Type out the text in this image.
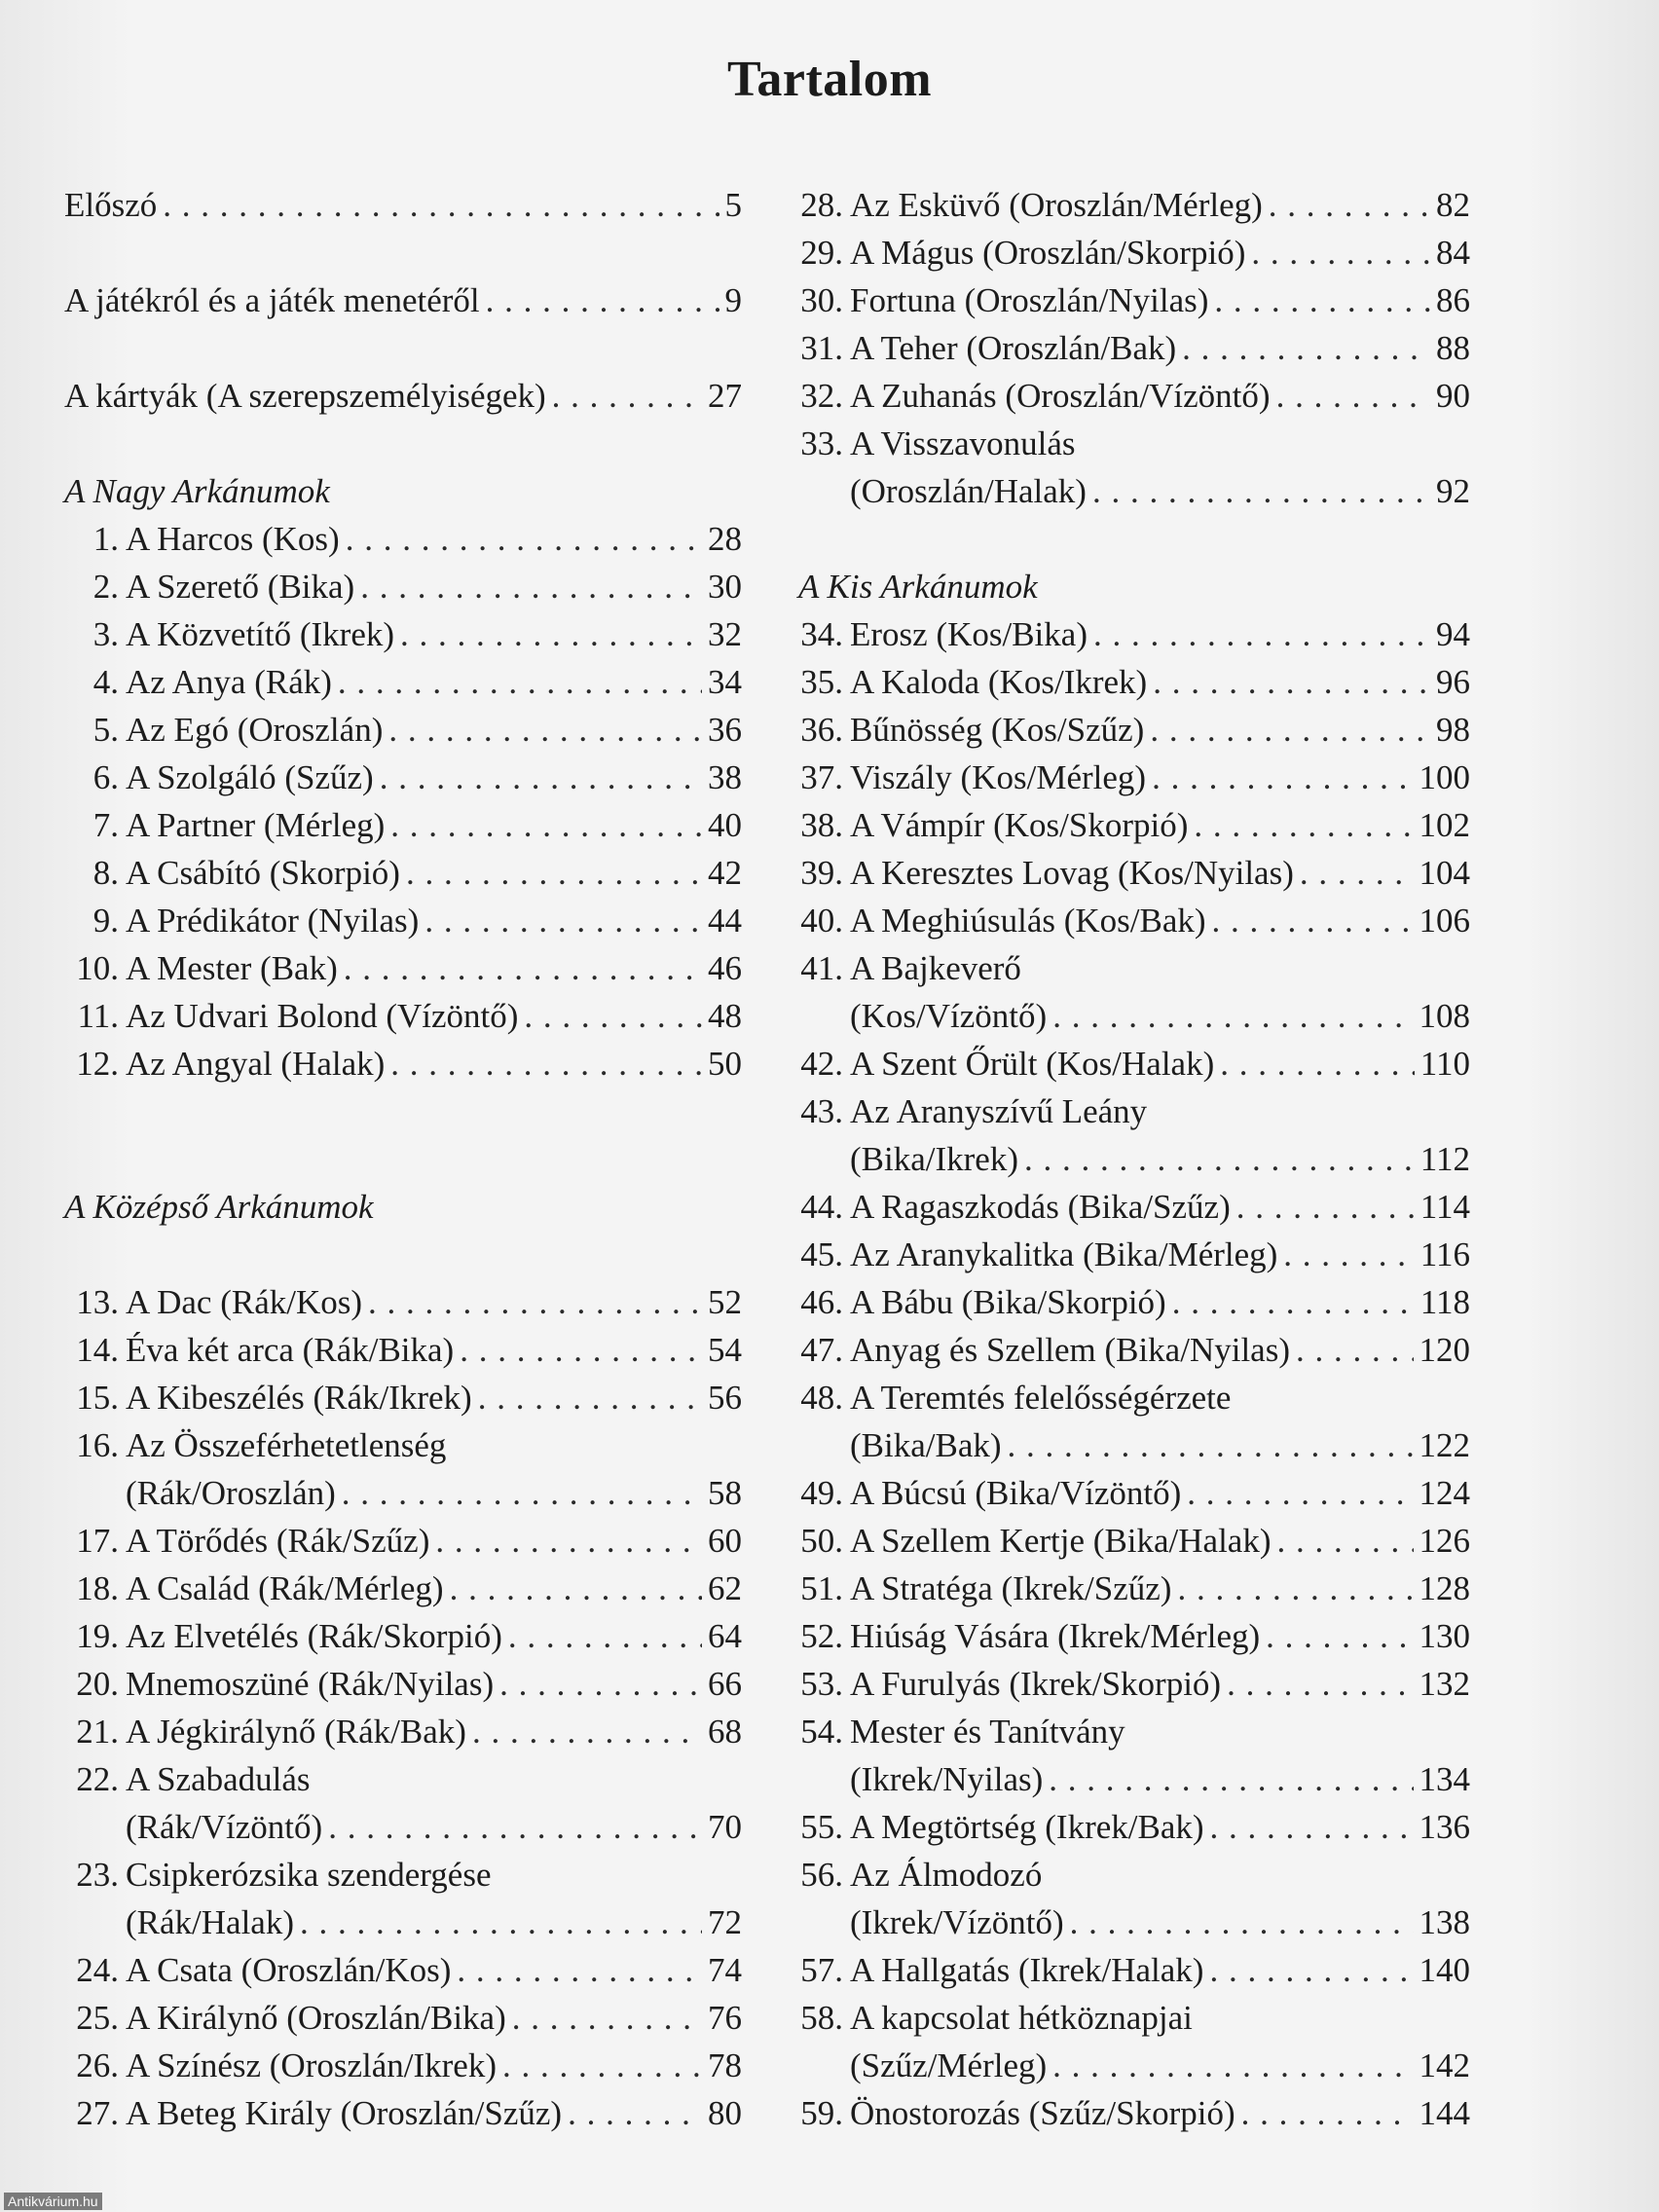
Tartalom
Előszó . . .	5
A játékról és a játék menetéről . . .	9
A kártyák (A szerepszemélyiségek) . . .	27
A Nagy Arkánumok
1. A Harcos (Kos) . . .	28
2. A Szerető (Bika) . . .	30
3. A Közvetítő (Ikrek) . . .	32
4. Az Anya (Rák) . . .	34
5. Az Egó (Oroszlán) . . .	36
6. A Szolgáló (Szűz) . . .	38
7. A Partner (Mérleg) . . .	40
8. A Csábító (Skorpió) . . .	42
9. A Prédikátor (Nyilas) . . .	44
10. A Mester (Bak) . . .	46
11. Az Udvari Bolond (Vízöntő) . . .	48
12. Az Angyal (Halak) . . .	50
A Középső Arkánumok
13. A Dac (Rák/Kos) . . .	52
14. Éva két arca (Rák/Bika) . . .	54
15. A Kibeszélés (Rák/Ikrek) . . .	56
16. Az Összeférhetetlenség
(Rák/Oroszlán) . . .	58
17. A Törődés (Rák/Szűz) . . .	60
18. A Család (Rák/Mérleg) . . .	62
19. Az Elvetélés (Rák/Skorpió) . . .	64
20. Mnemoszüné (Rák/Nyilas) . . .	66
21. A Jégkirálynő (Rák/Bak) . . .	68
22. A Szabadulás
(Rák/Vízöntő) . . .	70
23. Csipkerózsika szendergése
(Rák/Halak) . . .	72
24. A Csata (Oroszlán/Kos) . . .	74
25. A Királynő (Oroszlán/Bika) . . .	76
26. A Színész (Oroszlán/Ikrek) . . .	78
27. A Beteg Király (Oroszlán/Szűz) . . .	80
28. Az Esküvő (Oroszlán/Mérleg) . . .	82
29. A Mágus (Oroszlán/Skorpió) . . .	84
30. Fortuna (Oroszlán/Nyilas) . . .	86
31. A Teher (Oroszlán/Bak) . . .	88
32. A Zuhanás (Oroszlán/Vízöntő) . . .	90
33. A Visszavonulás
(Oroszlán/Halak) . . .	92
A Kis Arkánumok
34. Erosz (Kos/Bika) . . .	94
35. A Kaloda (Kos/Ikrek) . . .	96
36. Bűnösség (Kos/Szűz) . . .	98
37. Viszály (Kos/Mérleg) . . .	100
38. A Vámpír (Kos/Skorpió) . . .	102
39. A Keresztes Lovag (Kos/Nyilas) . . .	104
40. A Meghiúsulás (Kos/Bak) . . .	106
41. A Bajkeverő
(Kos/Vízöntő) . . .	108
42. A Szent Őrült (Kos/Halak) . . .	110
43. Az Aranyszívű Leány
(Bika/Ikrek) . . .	112
44. A Ragaszkodás (Bika/Szűz) . . .	114
45. Az Aranykalitka (Bika/Mérleg) . . .	116
46. A Bábu (Bika/Skorpió) . . .	118
47. Anyag és Szellem (Bika/Nyilas) . . .	120
48. A Teremtés felelősségérzete
(Bika/Bak) . . .	122
49. A Búcsú (Bika/Vízöntő) . . .	124
50. A Szellem Kertje (Bika/Halak) . . .	126
51. A Stratéga (Ikrek/Szűz) . . .	128
52. Hiúság Vására (Ikrek/Mérleg) . . .	130
53. A Furulyás (Ikrek/Skorpió) . . .	132
54. Mester és Tanítvány
(Ikrek/Nyilas) . . .	134
55. A Megtörtség (Ikrek/Bak) . . .	136
56. Az Álmodozó
(Ikrek/Vízöntő) . . .	138
57. A Hallgatás (Ikrek/Halak) . . .	140
58. A kapcsolat hétköznapjai
(Szűz/Mérleg) . . .	142
59. Önostorozás (Szűz/Skorpió) . . .	144
Antikvárium.hu
